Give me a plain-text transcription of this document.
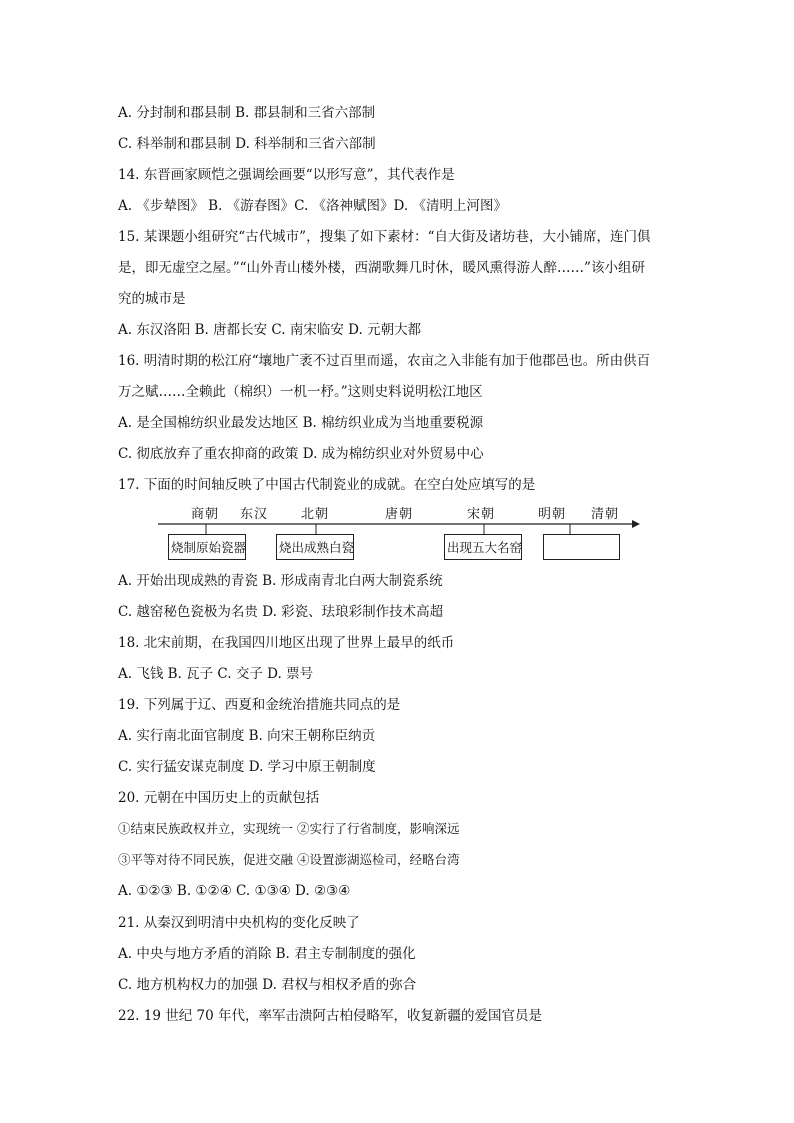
A. 分封制和郡县制 B. 郡县制和三省六部制
C. 科举制和郡县制 D. 科举制和三省六部制
14. 东晋画家顾恺之强调绘画要“以形写意”，其代表作是
A. 《步辇图》 B. 《游春图》C. 《洛神赋图》D. 《清明上河图》
15. 某课题小组研究“古代城市”，搜集了如下素材：“自大街及诸坊巷，大小铺席，连门俱
是，即无虚空之屋。”“山外青山楼外楼，西湖歌舞几时休，暖风熏得游人醉……”该小组研
究的城市是
A. 东汉洛阳 B. 唐都长安 C. 南宋临安 D. 元朝大都
16. 明清时期的松江府“壤地广袤不过百里而遥，农亩之入非能有加于他郡邑也。所由供百
万之赋……全赖此（棉织）一机一杼。”这则史料说明松江地区
A. 是全国棉纺织业最发达地区 B. 棉纺织业成为当地重要税源
C. 彻底放弃了重农抑商的政策 D. 成为棉纺织业对外贸易中心
17. 下面的时间轴反映了中国古代制瓷业的成就。在空白处应填写的是
商朝 东汉	北朝	唐朝	宋朝	明朝 清朝
烧制原始瓷器	烧出成熟白瓷	出现五大名窑
A. 开始出现成熟的青瓷 B. 形成南青北白两大制瓷系统
C. 越窑秘色瓷极为名贵 D. 彩瓷、珐琅彩制作技术高超
18. 北宋前期，在我国四川地区出现了世界上最早的纸币
A. 飞钱 B. 瓦子 C. 交子 D. 票号
19. 下列属于辽、西夏和金统治措施共同点的是
A. 实行南北面官制度 B. 向宋王朝称臣纳贡
C. 实行猛安谋克制度 D. 学习中原王朝制度
20. 元朝在中国历史上的贡献包括
①结束民族政权并立，实现统一 ②实行了行省制度，影响深远
③平等对待不同民族，促进交融 ④设置澎湖巡检司，经略台湾
A. ①②③ B. ①②④ C. ①③④ D. ②③④
21. 从秦汉到明清中央机构的变化反映了
A. 中央与地方矛盾的消除 B. 君主专制制度的强化
C. 地方机构权力的加强 D. 君权与相权矛盾的弥合
22. 19 世纪 70 年代，率军击溃阿古柏侵略军，收复新疆的爱国官员是
